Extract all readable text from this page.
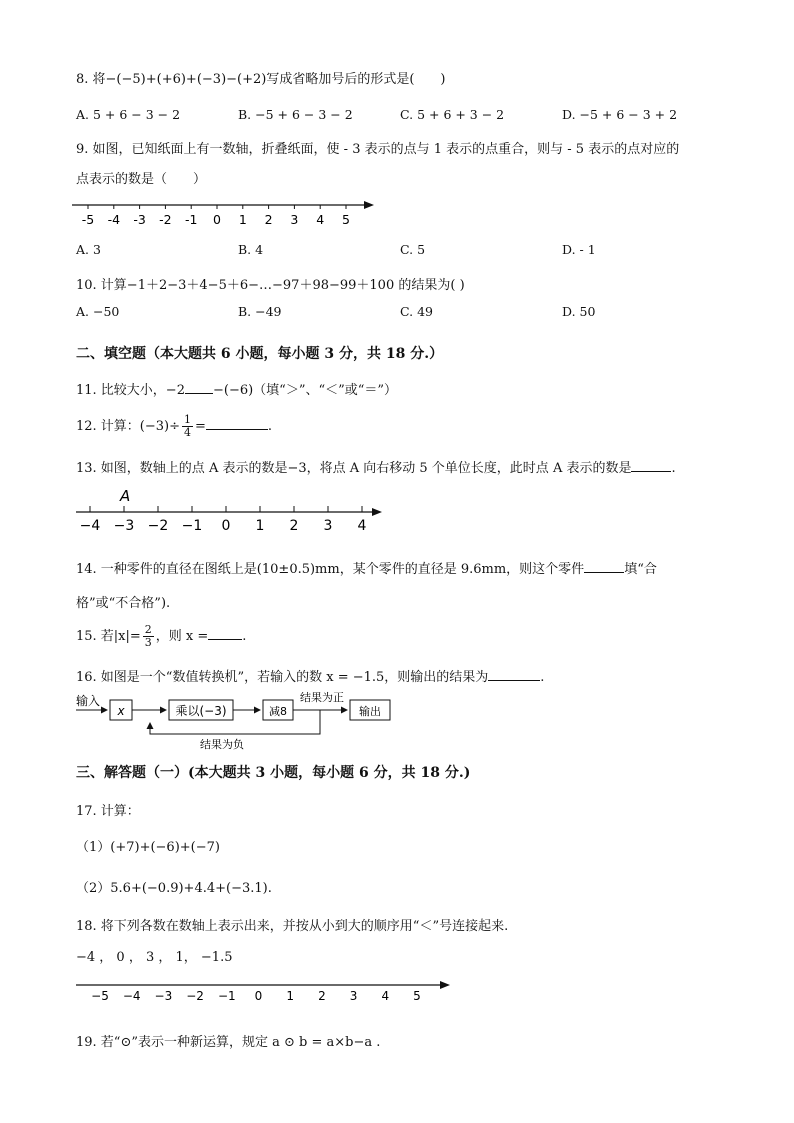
8. 将−(−5)+(+6)+(−3)−(+2)写成省略加号后的形式是(　　)
A. 5 + 6 − 3 − 2	B. −5 + 6 − 3 − 2	C. 5 + 6 + 3 − 2	D. −5 + 6 − 3 + 2
9. 如图，已知纸面上有一数轴，折叠纸面，使 - 3 表示的点与 1 表示的点重合，则与 - 5 表示的点对应的
点表示的数是（　　）
-5 -4 -3 -2 -1 0 1 2 3 4 5
A. 3	B. 4	C. 5	D. - 1
10. 计算−1＋2−3＋4−5＋6−…−97＋98−99＋100 的结果为( )
A. −50	B. −49	C. 49	D. 50
二、填空题（本大题共 6 小题，每小题 3 分，共 18 分.）
11. 比较大小，−2 −(−6)（填“＞”、“＜”或“＝”）
12. 计算：$(-3)\div \frac{1}{4}$ =	.
13. 如图，数轴上的点 A 表示的数是−3，将点 A 向右移动 5 个单位长度，此时点 A 表示的数是	.
−4 −3 −2 −1 0 1 2 3 4
A
14. 一种零件的直径在图纸上是(10±0.5)mm，某个零件的直径是 9.6mm，则这个零件	填“合
格”或“不合格”).
15. 若$|x|= \frac{2}{3}$ ，则 x =	.
16. 如图是一个“数值转换机”，若输入的数 x = −1.5，则输出的结果为	.
输入
x	乘以(−3)	减8
结果为正
输出
结果为负
三、解答题（一）(本大题共 3 小题，每小题 6 分，共 18 分.)
17. 计算：
（1）(+7)+(−6)+(−7)
（2）5.6+(−0.9)+4.4+(−3.1).
18. 将下列各数在数轴上表示出来，并按从小到大的顺序用“＜”号连接起来.
−4 ， 0 ， 3 ， 1， −1.5
−5 −4 −3 −2 −1 0 1 2 3 4 5
19. 若“⊙”表示一种新运算，规定 a ⊙ b = a×b−a .
